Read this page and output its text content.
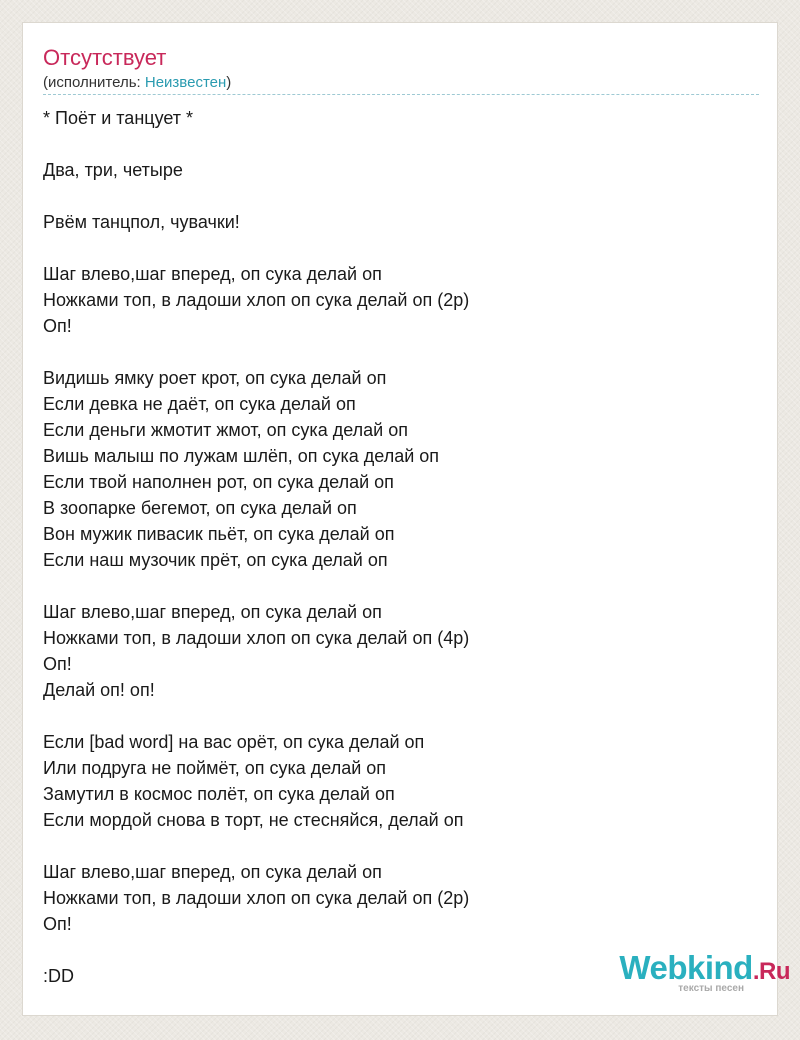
Отсутствует
(исполнитель: Неизвестен)
* Поёт и танцует *

Два, три, четыре

Рвём танцпол, чувачки!

Шаг влево,шаг вперед, оп сука делай оп
Ножками топ, в ладоши хлоп оп сука делай оп (2р)
Оп!

Видишь ямку роет крот, оп сука делай оп
Если девка не даёт, оп сука делай оп
Если деньги жмотит жмот, оп сука делай оп
Вишь малыш по лужам шлёп, оп сука делай оп
Если твой наполнен рот, оп сука делай оп
В зоопарке бегемот, оп сука делай оп
Вон мужик пивасик пьёт, оп сука делай оп
Если наш музочик прёт, оп сука делай оп

Шаг влево,шаг вперед, оп сука делай оп
Ножками топ, в ладоши хлоп оп сука делай оп (4р)
Оп!
Делай оп! оп!

Если [bad word] на вас орёт, оп сука делай оп
Или подруга не поймёт, оп сука делай оп
Замутил в космос полёт, оп сука делай оп
Если мордой снова в торт, не стесняйся, делай оп

Шаг влево,шаг вперед, оп сука делай оп
Ножками топ, в ладоши хлоп оп сука делай оп (2р)
Оп!

:DD	Webkind.Ru
тексты песен
